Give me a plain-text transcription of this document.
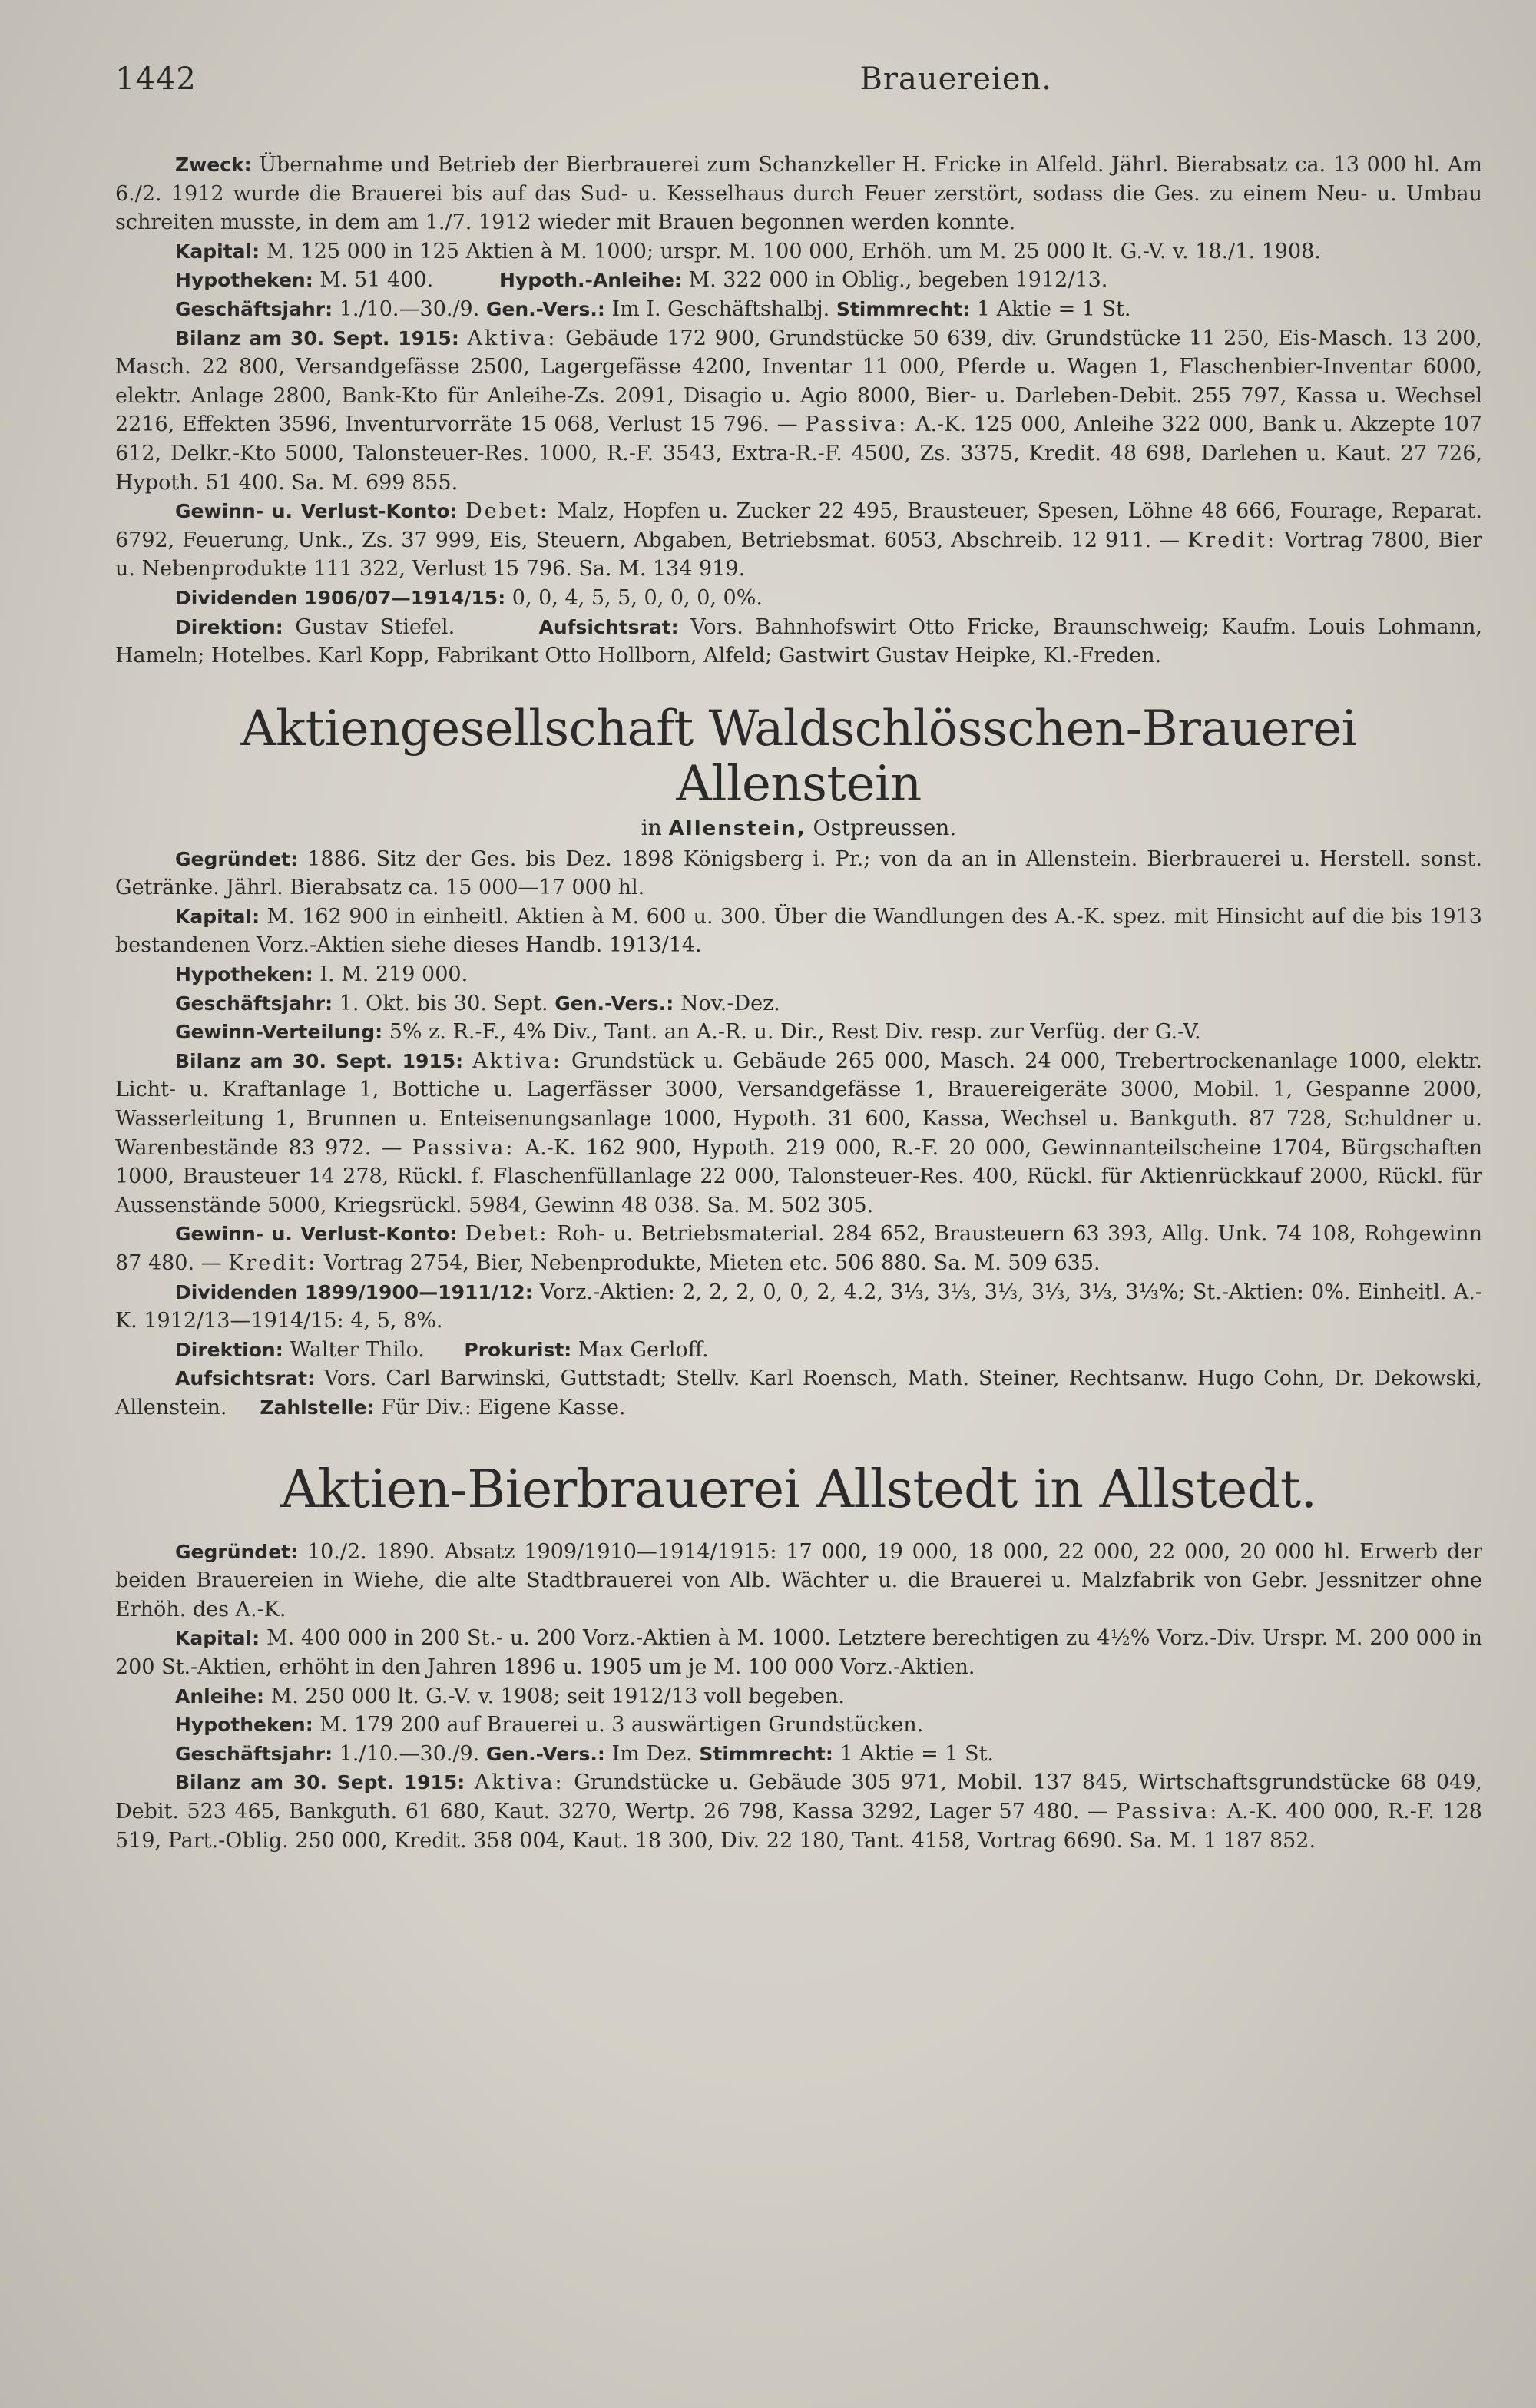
1442	Brauereien.

Zweck: Übernahme und Betrieb der Bierbrauerei zum Schanzkeller H. Fricke in Alfeld. Jährl. Bierabsatz ca. 13 000 hl. Am 6./2. 1912 wurde die Brauerei bis auf das Sud- u. Kesselhaus durch Feuer zerstört, sodass die Ges. zu einem Neu- u. Umbau schreiten musste, in dem am 1./7. 1912 wieder mit Brauen begonnen werden konnte.

Kapital: M. 125 000 in 125 Aktien à M. 1000; urspr. M. 100 000, Erhöh. um M. 25 000 lt. G.-V. v. 18./1. 1908.

Hypotheken: M. 51 400.	Hypoth.-Anleihe: M. 322 000 in Oblig., begeben 1912/13.

Geschäftsjahr: 1./10.—30./9. Gen.-Vers.: Im I. Geschäftshalbj. Stimmrecht: 1 Aktie = 1 St.

Bilanz am 30. Sept. 1915: Aktiva: Gebäude 172 900, Grundstücke 50 639, div. Grundstücke 11 250, Eis-Masch. 13 200, Masch. 22 800, Versandgefässe 2500, Lagergefässe 4200, Inventar 11 000, Pferde u. Wagen 1, Flaschenbier-Inventar 6000, elektr. Anlage 2800, Bank-Kto für Anleihe-Zs. 2091, Disagio u. Agio 8000, Bier- u. Darleben-Debit. 255 797, Kassa u. Wechsel 2216, Effekten 3596, Inventurvorräte 15 068, Verlust 15 796. — Passiva: A.-K. 125 000, Anleihe 322 000, Bank u. Akzepte 107 612, Delkr.-Kto 5000, Talonsteuer-Res. 1000, R.-F. 3543, Extra-R.-F. 4500, Zs. 3375, Kredit. 48 698, Darlehen u. Kaut. 27 726, Hypoth. 51 400. Sa. M. 699 855.

Gewinn- u. Verlust-Konto: Debet: Malz, Hopfen u. Zucker 22 495, Brausteuer, Spesen, Löhne 48 666, Fourage, Reparat. 6792, Feuerung, Unk., Zs. 37 999, Eis, Steuern, Abgaben, Betriebsmat. 6053, Abschreib. 12 911. — Kredit: Vortrag 7800, Bier u. Nebenprodukte 111 322, Verlust 15 796. Sa. M. 134 919.

Dividenden 1906/07—1914/15: 0, 0, 4, 5, 5, 0, 0, 0, 0%.

Direktion: Gustav Stiefel.	Aufsichtsrat: Vors. Bahnhofswirt Otto Fricke, Braunschweig; Kaufm. Louis Lohmann, Hameln; Hotelbes. Karl Kopp, Fabrikant Otto Hollborn, Alfeld; Gastwirt Gustav Heipke, Kl.-Freden.

Aktiengesellschaft Waldschlösschen-Brauerei Allenstein
in Allenstein, Ostpreussen.

Gegründet: 1886. Sitz der Ges. bis Dez. 1898 Königsberg i. Pr.; von da an in Allenstein. Bierbrauerei u. Herstell. sonst. Getränke. Jährl. Bierabsatz ca. 15 000—17 000 hl.

Kapital: M. 162 900 in einheitl. Aktien à M. 600 u. 300. Über die Wandlungen des A.-K. spez. mit Hinsicht auf die bis 1913 bestandenen Vorz.-Aktien siehe dieses Handb. 1913/14.

Hypotheken: I. M. 219 000.

Geschäftsjahr: 1. Okt. bis 30. Sept. Gen.-Vers.: Nov.-Dez.

Gewinn-Verteilung: 5% z. R.-F., 4% Div., Tant. an A.-R. u. Dir., Rest Div. resp. zur Verfüg. der G.-V.

Bilanz am 30. Sept. 1915: Aktiva: Grundstück u. Gebäude 265 000, Masch. 24 000, Trebertrockenanlage 1000, elektr. Licht- u. Kraftanlage 1, Bottiche u. Lagerfässer 3000, Versandgefässe 1, Brauereigeräte 3000, Mobil. 1, Gespanne 2000, Wasserleitung 1, Brunnen u. Enteisenungsanlage 1000, Hypoth. 31 600, Kassa, Wechsel u. Bankguth. 87 728, Schuldner u. Warenbestände 83 972. — Passiva: A.-K. 162 900, Hypoth. 219 000, R.-F. 20 000, Gewinnanteilscheine 1704, Bürgschaften 1000, Brausteuer 14 278, Rückl. f. Flaschenfüllanlage 22 000, Talonsteuer-Res. 400, Rückl. für Aktienrückkauf 2000, Rückl. für Aussenstände 5000, Kriegsrückl. 5984, Gewinn 48 038. Sa. M. 502 305.

Gewinn- u. Verlust-Konto: Debet: Roh- u. Betriebsmaterial. 284 652, Brausteuern 63 393, Allg. Unk. 74 108, Rohgewinn 87 480. — Kredit: Vortrag 2754, Bier, Nebenprodukte, Mieten etc. 506 880. Sa. M. 509 635.

Dividenden 1899/1900—1911/12: Vorz.-Aktien: 2, 2, 2, 0, 0, 2, 4.2, 3⅓, 3⅓, 3⅓, 3⅓, 3⅓, 3⅓%; St.-Aktien: 0%. Einheitl. A.-K. 1912/13—1914/15: 4, 5, 8%.

Direktion: Walter Thilo. Prokurist: Max Gerloff.

Aufsichtsrat: Vors. Carl Barwinski, Guttstadt; Stellv. Karl Roensch, Math. Steiner, Rechtsanw. Hugo Cohn, Dr. Dekowski, Allenstein. Zahlstelle: Für Div.: Eigene Kasse.

Aktien-Bierbrauerei Allstedt in Allstedt.

Gegründet: 10./2. 1890. Absatz 1909/1910—1914/1915: 17 000, 19 000, 18 000, 22 000, 22 000, 20 000 hl. Erwerb der beiden Brauereien in Wiehe, die alte Stadtbrauerei von Alb. Wächter u. die Brauerei u. Malzfabrik von Gebr. Jessnitzer ohne Erhöh. des A.-K.

Kapital: M. 400 000 in 200 St.- u. 200 Vorz.-Aktien à M. 1000. Letztere berechtigen zu 4½% Vorz.-Div. Urspr. M. 200 000 in 200 St.-Aktien, erhöht in den Jahren 1896 u. 1905 um je M. 100 000 Vorz.-Aktien.

Anleihe: M. 250 000 lt. G.-V. v. 1908; seit 1912/13 voll begeben.

Hypotheken: M. 179 200 auf Brauerei u. 3 auswärtigen Grundstücken.

Geschäftsjahr: 1./10.—30./9. Gen.-Vers.: Im Dez. Stimmrecht: 1 Aktie = 1 St.

Bilanz am 30. Sept. 1915: Aktiva: Grundstücke u. Gebäude 305 971, Mobil. 137 845, Wirtschaftsgrundstücke 68 049, Debit. 523 465, Bankguth. 61 680, Kaut. 3270, Wertp. 26 798, Kassa 3292, Lager 57 480. — Passiva: A.-K. 400 000, R.-F. 128 519, Part.-Oblig. 250 000, Kredit. 358 004, Kaut. 18 300, Div. 22 180, Tant. 4158, Vortrag 6690. Sa. M. 1 187 852.
